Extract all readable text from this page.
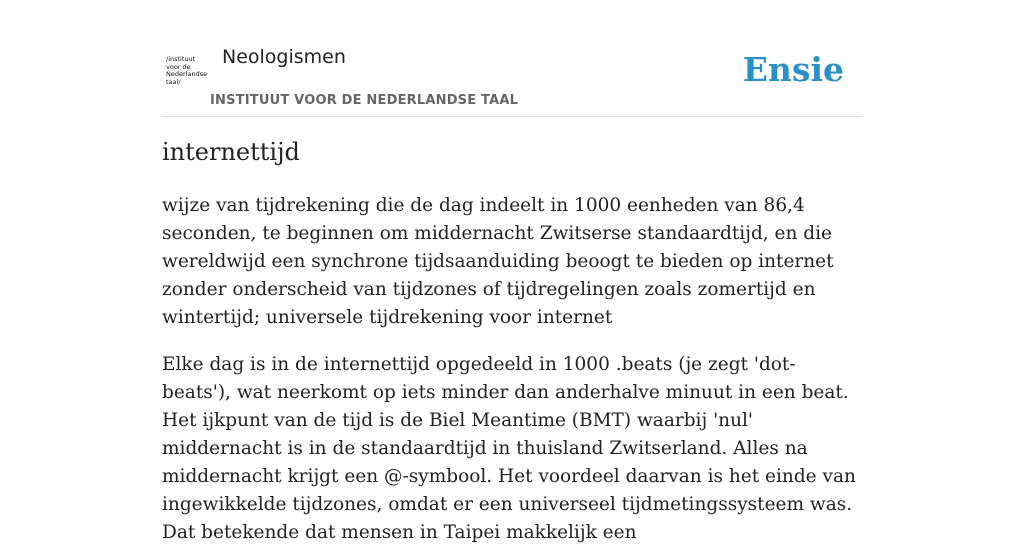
/instituut
voor de
Nederlandse
taal/
Neologismen
INSTITUUT VOOR DE NEDERLANDSE TAAL
Ensie
internettijd
wijze van tijdrekening die de dag indeelt in 1000 eenheden van 86,4 seconden, te beginnen om middernacht Zwitserse standaardtijd, en die wereldwijd een synchrone tijdsaanduiding beoogt te bieden op internet zonder onderscheid van tijdzones of tijdregelingen zoals zomertijd en wintertijd; universele tijdrekening voor internet
Elke dag is in de internettijd opgedeeld in 1000 .beats (je zegt 'dot-beats'), wat neerkomt op iets minder dan anderhalve minuut in een beat. Het ijkpunt van de tijd is de Biel Meantime (BMT) waarbij 'nul' middernacht is in de standaardtijd in thuisland Zwitserland. Alles na middernacht krijgt een @-symbool. Het voordeel daarvan is het einde van ingewikkelde tijdzones, omdat er een universeel tijdmetingssysteem was. Dat betekende dat mensen in Taipei makkelijk een
